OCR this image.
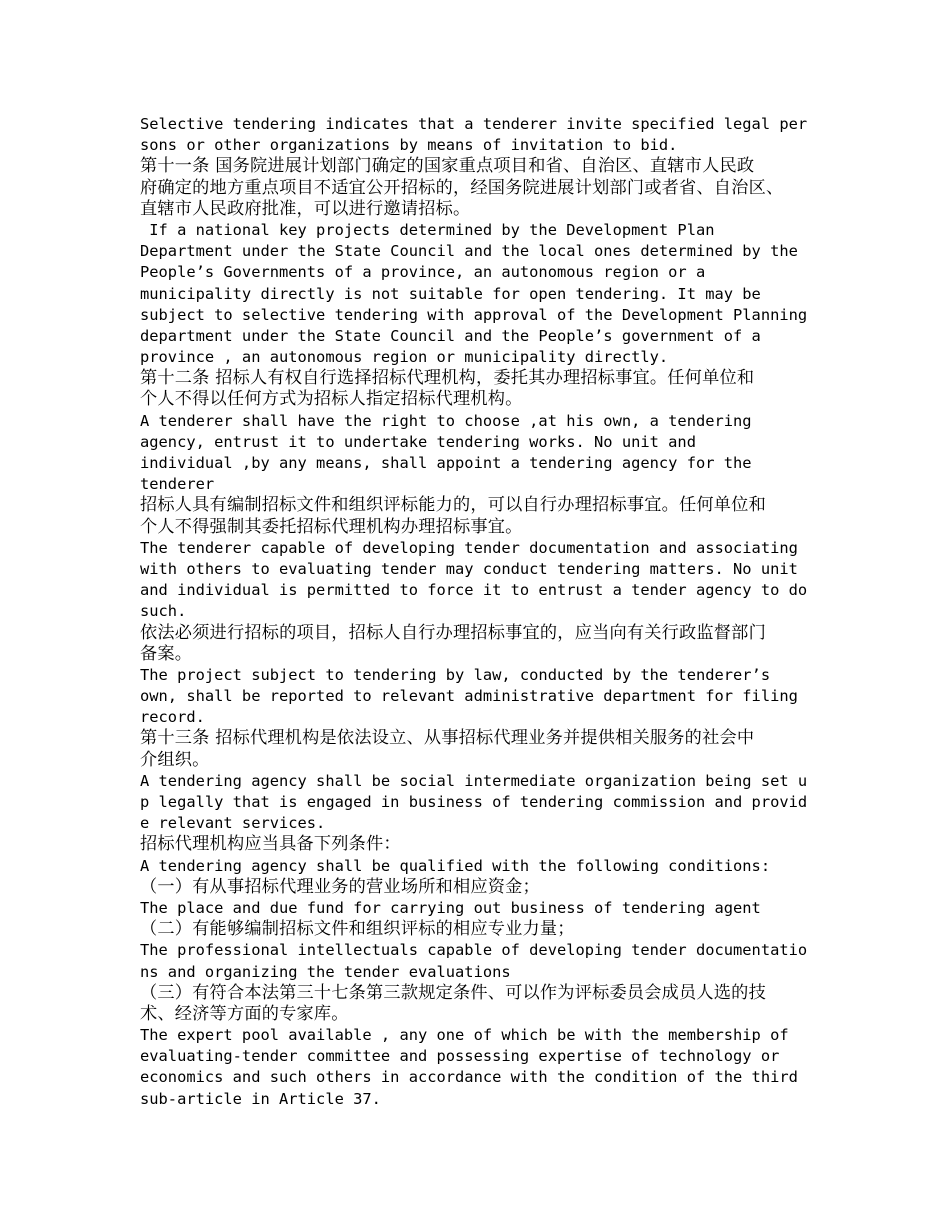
Selective tendering indicates that a tenderer invite specified legal per

sons or other organizations by means of invitation to bid.

第十一条 国务院进展计划部门确定的国家重点项目和省、自治区、直辖市人民政

府确定的地方重点项目不适宜公开招标的，经国务院进展计划部门或者省、自治区、

直辖市人民政府批准，可以进行邀请招标。

If a national key projects determined by the Development Plan

Department under the State Council and the local ones determined by the

People’s Governments of a province, an autonomous region or a

municipality directly is not suitable for open tendering. It may be

subject to selective tendering with approval of the Development Planning

department under the State Council and the People’s government of a

province , an autonomous region or municipality directly.

第十二条 招标人有权自行选择招标代理机构，委托其办理招标事宜。任何单位和

个人不得以任何方式为招标人指定招标代理机构。

A tenderer shall have the right to choose ,at his own, a tendering

agency, entrust it to undertake tendering works. No unit and

individual ,by any means, shall appoint a tendering agency for the

tenderer

招标人具有编制招标文件和组织评标能力的，可以自行办理招标事宜。任何单位和

个人不得强制其委托招标代理机构办理招标事宜。

The tenderer capable of developing tender documentation and associating

with others to evaluating tender may conduct tendering matters. No unit

and individual is permitted to force it to entrust a tender agency to do

such.

依法必须进行招标的项目，招标人自行办理招标事宜的，应当向有关行政监督部门

备案。

The project subject to tendering by law, conducted by the tenderer’s

own, shall be reported to relevant administrative department for filing

record.

第十三条 招标代理机构是依法设立、从事招标代理业务并提供相关服务的社会中

介组织。

A tendering agency shall be social intermediate organization being set u

p legally that is engaged in business of tendering commission and provid

e relevant services.

招标代理机构应当具备下列条件：

A tendering agency shall be qualified with the following conditions:

（一）有从事招标代理业务的营业场所和相应资金；

The place and due fund for carrying out business of tendering agent

（二）有能够编制招标文件和组织评标的相应专业力量；

The professional intellectuals capable of developing tender documentatio

ns and organizing the tender evaluations

（三）有符合本法第三十七条第三款规定条件、可以作为评标委员会成员人选的技

术、经济等方面的专家库。

The expert pool available , any one of which be with the membership of

evaluating-tender committee and possessing expertise of technology or

economics and such others in accordance with the condition of the third

sub-article in Article 37.
